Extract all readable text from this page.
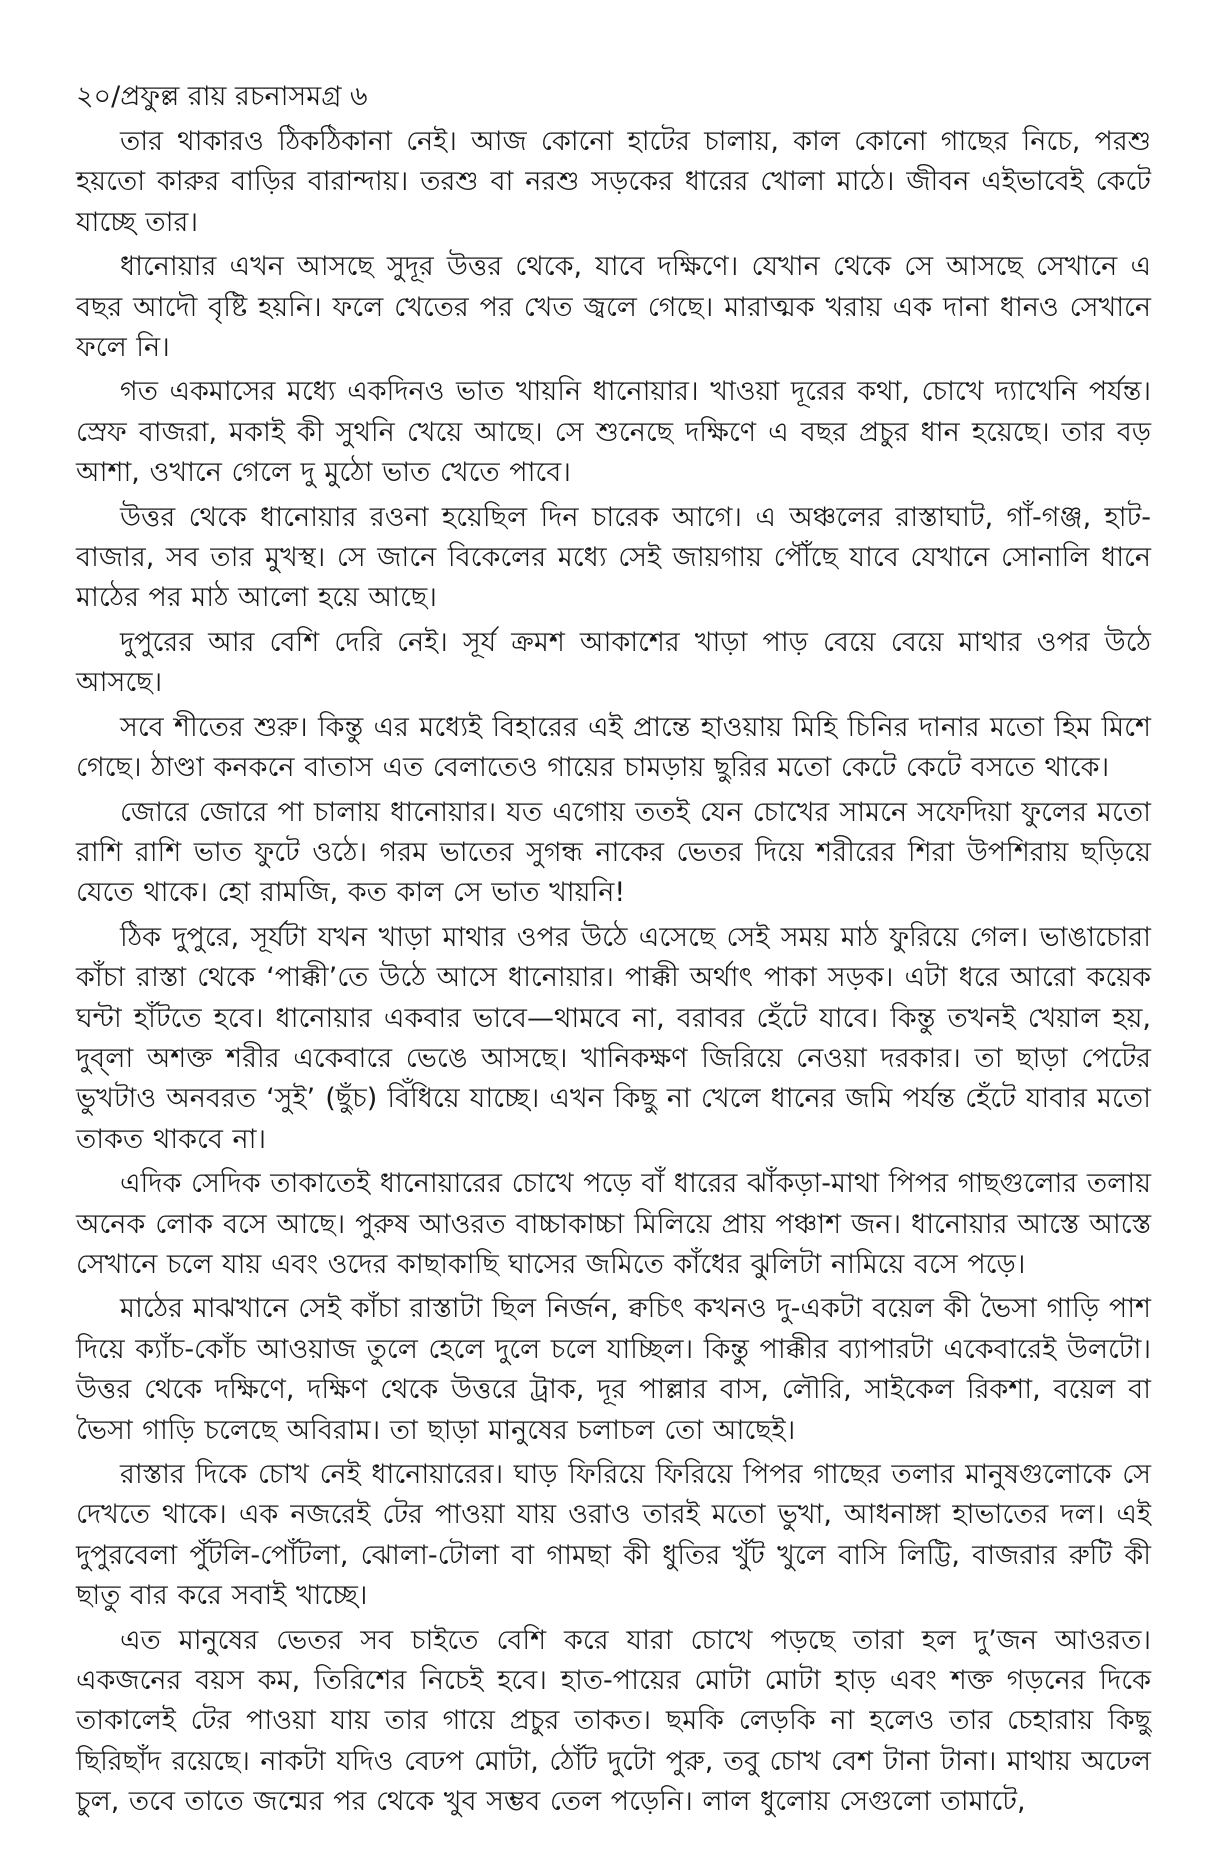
২০/প্রফুল্ল রায় রচনাসমগ্র ৬

তার থাকারও ঠিকঠিকানা নেই। আজ কোনো হাটের চালায়, কাল কোনো গাছের নিচে, পরশু হয়তো কারুর বাড়ির বারান্দায়। তরশু বা নরশু সড়কের ধারের খোলা মাঠে। জীবন এইভাবেই কেটে যাচ্ছে তার।

ধানোয়ার এখন আসছে সুদূর উত্তর থেকে, যাবে দক্ষিণে। যেখান থেকে সে আসছে সেখানে এ বছর আদৌ বৃষ্টি হয়নি। ফলে খেতের পর খেত জ্বলে গেছে। মারাত্মক খরায় এক দানা ধানও সেখানে ফলে নি।

গত একমাসের মধ্যে একদিনও ভাত খায়নি ধানোয়ার। খাওয়া দূরের কথা, চোখে দ্যাখেনি পর্যন্ত। স্রেফ বাজরা, মকাই কী সুথনি খেয়ে আছে। সে শুনেছে দক্ষিণে এ বছর প্রচুর ধান হয়েছে। তার বড় আশা, ওখানে গেলে দু মুঠো ভাত খেতে পাবে।

উত্তর থেকে ধানোয়ার রওনা হয়েছিল দিন চারেক আগে। এ অঞ্চলের রাস্তাঘাট, গাঁ-গঞ্জ, হাট-বাজার, সব তার মুখস্থ। সে জানে বিকেলের মধ্যে সেই জায়গায় পৌঁছে যাবে যেখানে সোনালি ধানে মাঠের পর মাঠ আলো হয়ে আছে।

দুপুরের আর বেশি দেরি নেই। সূর্য ক্রমশ আকাশের খাড়া পাড় বেয়ে বেয়ে মাথার ওপর উঠে আসছে।

সবে শীতের শুরু। কিন্তু এর মধ্যেই বিহারের এই প্রান্তে হাওয়ায় মিহি চিনির দানার মতো হিম মিশে গেছে। ঠাণ্ডা কনকনে বাতাস এত বেলাতেও গায়ের চামড়ায় ছুরির মতো কেটে কেটে বসতে থাকে।

জোরে জোরে পা চালায় ধানোয়ার। যত এগোয় ততই যেন চোখের সামনে সফেদিয়া ফুলের মতো রাশি রাশি ভাত ফুটে ওঠে। গরম ভাতের সুগন্ধ নাকের ভেতর দিয়ে শরীরের শিরা উপশিরায় ছড়িয়ে যেতে থাকে। হো রামজি, কত কাল সে ভাত খায়নি!

ঠিক দুপুরে, সূর্যটা যখন খাড়া মাথার ওপর উঠে এসেছে সেই সময় মাঠ ফুরিয়ে গেল। ভাঙাচোরা কাঁচা রাস্তা থেকে ‘পাক্কী’তে উঠে আসে ধানোয়ার। পাক্কী অর্থাৎ পাকা সড়ক। এটা ধরে আরো কয়েক ঘন্টা হাঁটতে হবে। ধানোয়ার একবার ভাবে—থামবে না, বরাবর হেঁটে যাবে। কিন্তু তখনই খেয়াল হয়, দুব্‌লা অশক্ত শরীর একেবারে ভেঙে আসছে। খানিকক্ষণ জিরিয়ে নেওয়া দরকার। তা ছাড়া পেটের ভুখটাও অনবরত ‘সুই’ (ছুঁচ) বিঁধিয়ে যাচ্ছে। এখন কিছু না খেলে ধানের জমি পর্যন্ত হেঁটে যাবার মতো তাকত থাকবে না।

এদিক সেদিক তাকাতেই ধানোয়ারের চোখে পড়ে বাঁ ধারের ঝাঁকড়া-মাথা পিপর গাছগুলোর তলায় অনেক লোক বসে আছে। পুরুষ আওরত বাচ্চাকাচ্চা মিলিয়ে প্রায় পঞ্চাশ জন। ধানোয়ার আস্তে আস্তে সেখানে চলে যায় এবং ওদের কাছাকাছি ঘাসের জমিতে কাঁধের ঝুলিটা নামিয়ে বসে পড়ে।

মাঠের মাঝখানে সেই কাঁচা রাস্তাটা ছিল নির্জন, ক্বচিৎ কখনও দু-একটা বয়েল কী ভৈসা গাড়ি পাশ দিয়ে ক্যাঁচ-কোঁচ আওয়াজ তুলে হেলে দুলে চলে যাচ্ছিল। কিন্তু পাক্কীর ব্যাপারটা একেবারেই উলটো। উত্তর থেকে দক্ষিণে, দক্ষিণ থেকে উত্তরে ট্রাক, দূর পাল্লার বাস, লৌরি, সাইকেল রিকশা, বয়েল বা ভৈসা গাড়ি চলেছে অবিরাম। তা ছাড়া মানুষের চলাচল তো আছেই।

রাস্তার দিকে চোখ নেই ধানোয়ারের। ঘাড় ফিরিয়ে ফিরিয়ে পিপর গাছের তলার মানুষগুলোকে সে দেখতে থাকে। এক নজরেই টের পাওয়া যায় ওরাও তারই মতো ভুখা, আধনাঙ্গা হাভাতের দল। এই দুপুরবেলা পুঁটলি-পোঁটলা, ঝোলা-টোলা বা গামছা কী ধুতির খুঁট খুলে বাসি লিট্টি, বাজরার রুটি কী ছাতু বার করে সবাই খাচ্ছে।

এত মানুষের ভেতর সব চাইতে বেশি করে যারা চোখে পড়ছে তারা হল দু’জন আওরত। একজনের বয়স কম, তিরিশের নিচেই হবে। হাত-পায়ের মোটা মোটা হাড় এবং শক্ত গড়নের দিকে তাকালেই টের পাওয়া যায় তার গায়ে প্রচুর তাকত। ছমকি লেড়কি না হলেও তার চেহারায় কিছু ছিরিছাঁদ রয়েছে। নাকটা যদিও বেঢপ মোটা, ঠোঁট দুটো পুরু, তবু চোখ বেশ টানা টানা। মাথায় অঢেল চুল, তবে তাতে জন্মের পর থেকে খুব সম্ভব তেল পড়েনি। লাল ধুলোয় সেগুলো তামাটে,
